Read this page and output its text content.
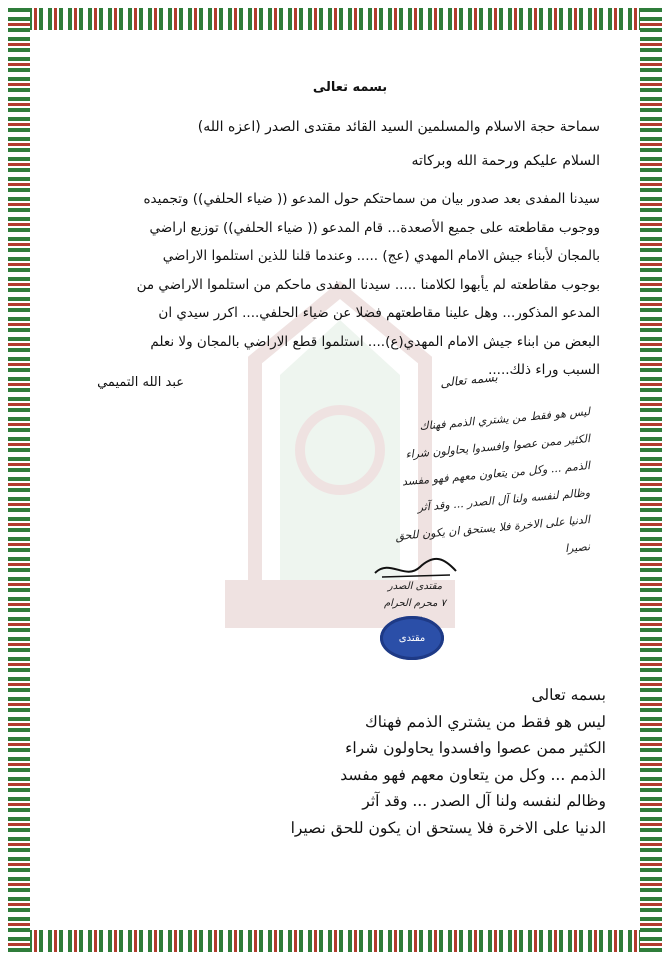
بسمه تعالى
سماحة حجة الاسلام والمسلمين السيد القائد مقتدى الصدر (اعزه الله)
السلام عليكم ورحمة الله وبركاته
سيدنا المفدى بعد صدور بيان من سماحتكم حول المدعو (( ضياء الحلفي)) وتجميده
ووجوب مقاطعته على جميع الأصعدة... قام المدعو (( ضياء الحلفي)) توزيع اراضي
بالمجان لأبناء جيش الامام المهدي (عج) ..... وعندما قلنا للذين استلموا الاراضي
بوجوب مقاطعته لم يأبهوا لكلامنا ..... سيدنا المفدى ماحكم من استلموا الاراضي من
المدعو المذكور... وهل علينا مقاطعتهم فضلا عن ضياء الحلفي.... اكرر سيدي ان
البعض من ابناء جيش الامام المهدي(ع).... استلموا قطع الاراضي بالمجان ولا نعلم
السبب وراء ذلك.....
عبد الله التميمي	بسمه تعالى
ليس هو فقط من يشتري الذمم فهناك
الكثير ممن عصوا وافسدوا يحاولون شراء
الذمم ... وكل من يتعاون معهم فهو مفسد
وظالم لنفسه ولنا آل الصدر ... وقد آثر
الدنيا على الاخرة فلا يستحق ان يكون للحق
نصيرا
مقتدى الصدر
٧ محرم الحرام
مقتدى
بسمه تعالى
ليس هو فقط من يشتري الذمم فهناك
الكثير ممن عصوا وافسدوا يحاولون شراء
الذمم ... وكل من يتعاون معهم فهو مفسد
وظالم لنفسه ولنا آل الصدر ... وقد آثر
الدنيا على الاخرة فلا يستحق ان يكون للحق نصيرا
